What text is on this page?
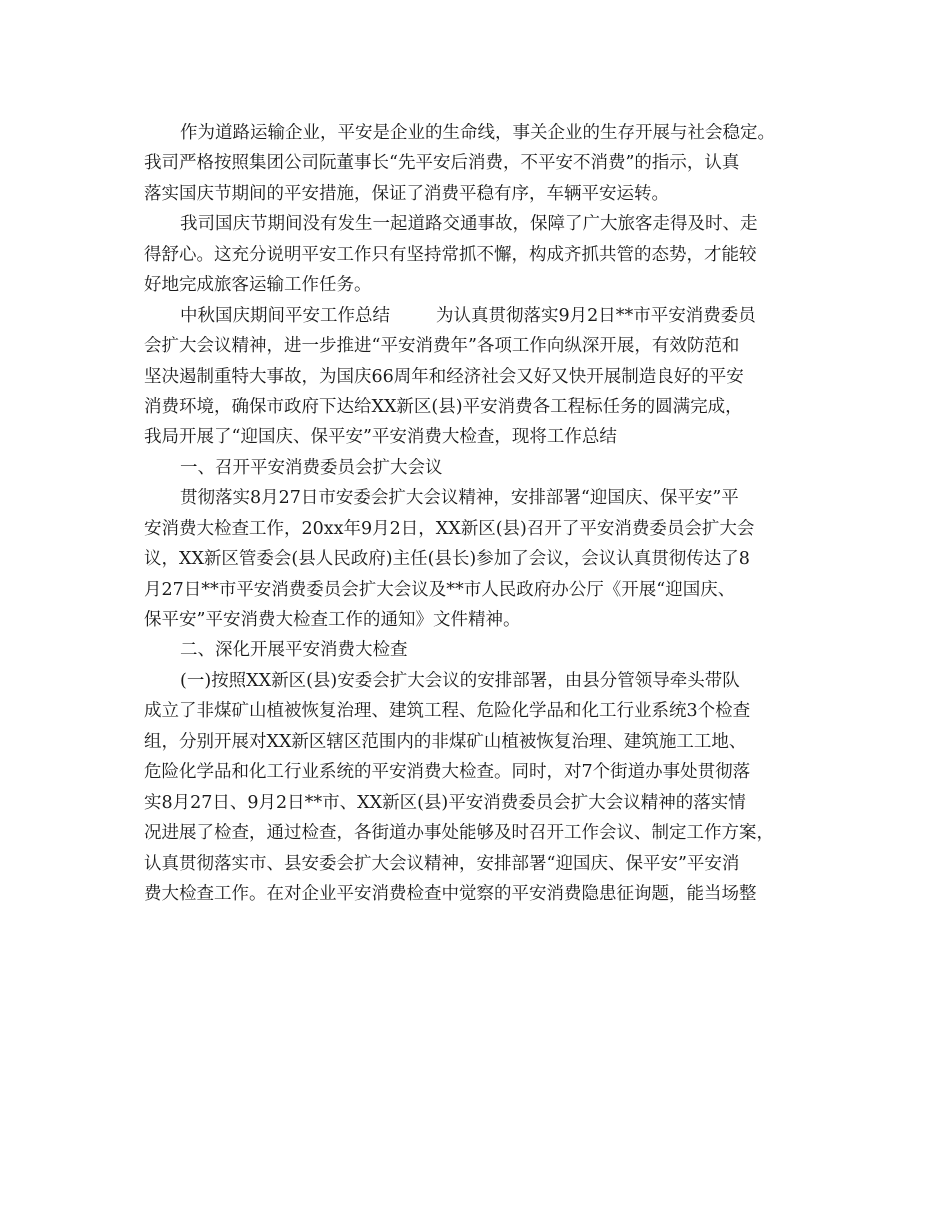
作为道路运输企业，平安是企业的生命线，事关企业的生存开展与社会稳定。
我司严格按照集团公司阮董事长“先平安后消费，不平安不消费”的指示，认真
落实国庆节期间的平安措施，保证了消费平稳有序，车辆平安运转。
我司国庆节期间没有发生一起道路交通事故，保障了广大旅客走得及时、走
得舒心。这充分说明平安工作只有坚持常抓不懈，构成齐抓共管的态势，才能较
好地完成旅客运输工作任务。
中秋国庆期间平安工作总结	为认真贯彻落实9月2日**市平安消费委员
会扩大会议精神，进一步推进“平安消费年”各项工作向纵深开展，有效防范和
坚决遏制重特大事故，为国庆66周年和经济社会又好又快开展制造良好的平安
消费环境，确保市政府下达给XX新区(县)平安消费各工程标任务的圆满完成，
我局开展了“迎国庆、保平安”平安消费大检查，现将工作总结
一、召开平安消费委员会扩大会议
贯彻落实8月27日市安委会扩大会议精神，安排部署“迎国庆、保平安”平
安消费大检查工作，20xx年9月2日，XX新区(县)召开了平安消费委员会扩大会
议，XX新区管委会(县人民政府)主任(县长)参加了会议，会议认真贯彻传达了8
月27日**市平安消费委员会扩大会议及**市人民政府办公厅《开展“迎国庆、
保平安”平安消费大检查工作的通知》文件精神。
二、深化开展平安消费大检查
(一)按照XX新区(县)安委会扩大会议的安排部署，由县分管领导牵头带队
成立了非煤矿山植被恢复治理、建筑工程、危险化学品和化工行业系统3个检查
组，分别开展对XX新区辖区范围内的非煤矿山植被恢复治理、建筑施工工地、
危险化学品和化工行业系统的平安消费大检查。同时，对7个街道办事处贯彻落
实8月27日、9月2日**市、XX新区(县)平安消费委员会扩大会议精神的落实情
况进展了检查，通过检查，各街道办事处能够及时召开工作会议、制定工作方案，
认真贯彻落实市、县安委会扩大会议精神，安排部署“迎国庆、保平安”平安消
费大检查工作。在对企业平安消费检查中觉察的平安消费隐患征询题，能当场整
